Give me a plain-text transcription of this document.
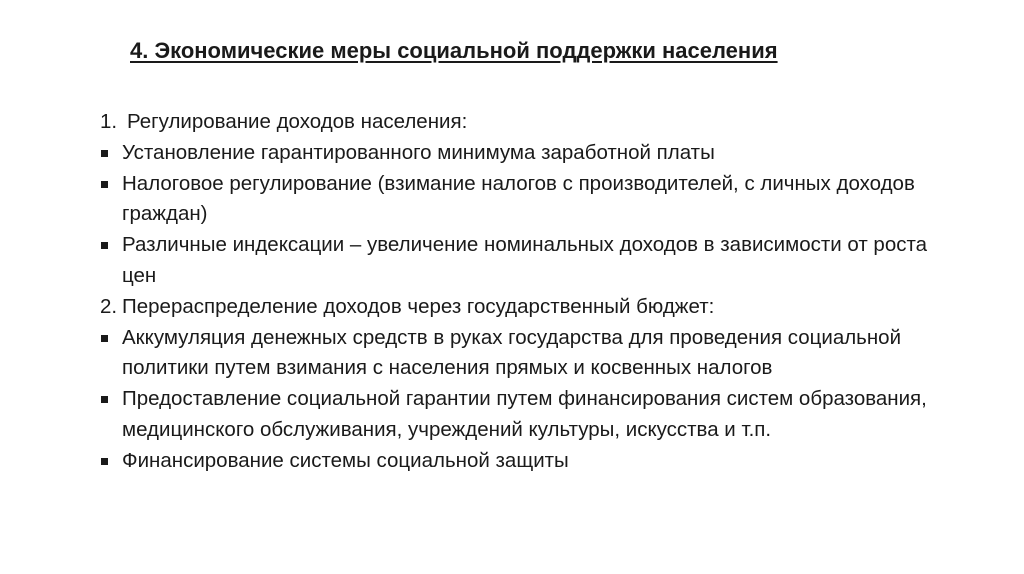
4. Экономические меры социальной поддержки населения
1. Регулирование доходов населения:
Установление гарантированного минимума заработной платы
Налоговое регулирование (взимание налогов с производителей, с личных доходов граждан)
Различные индексации – увеличение номинальных доходов в зависимости от роста цен
2. Перераспределение доходов через государственный бюджет:
Аккумуляция денежных средств в руках государства для проведения социальной политики путем взимания с населения прямых и косвенных налогов
Предоставление социальной гарантии путем финансирования систем образования, медицинского обслуживания, учреждений культуры, искусства и т.п.
Финансирование системы социальной защиты
